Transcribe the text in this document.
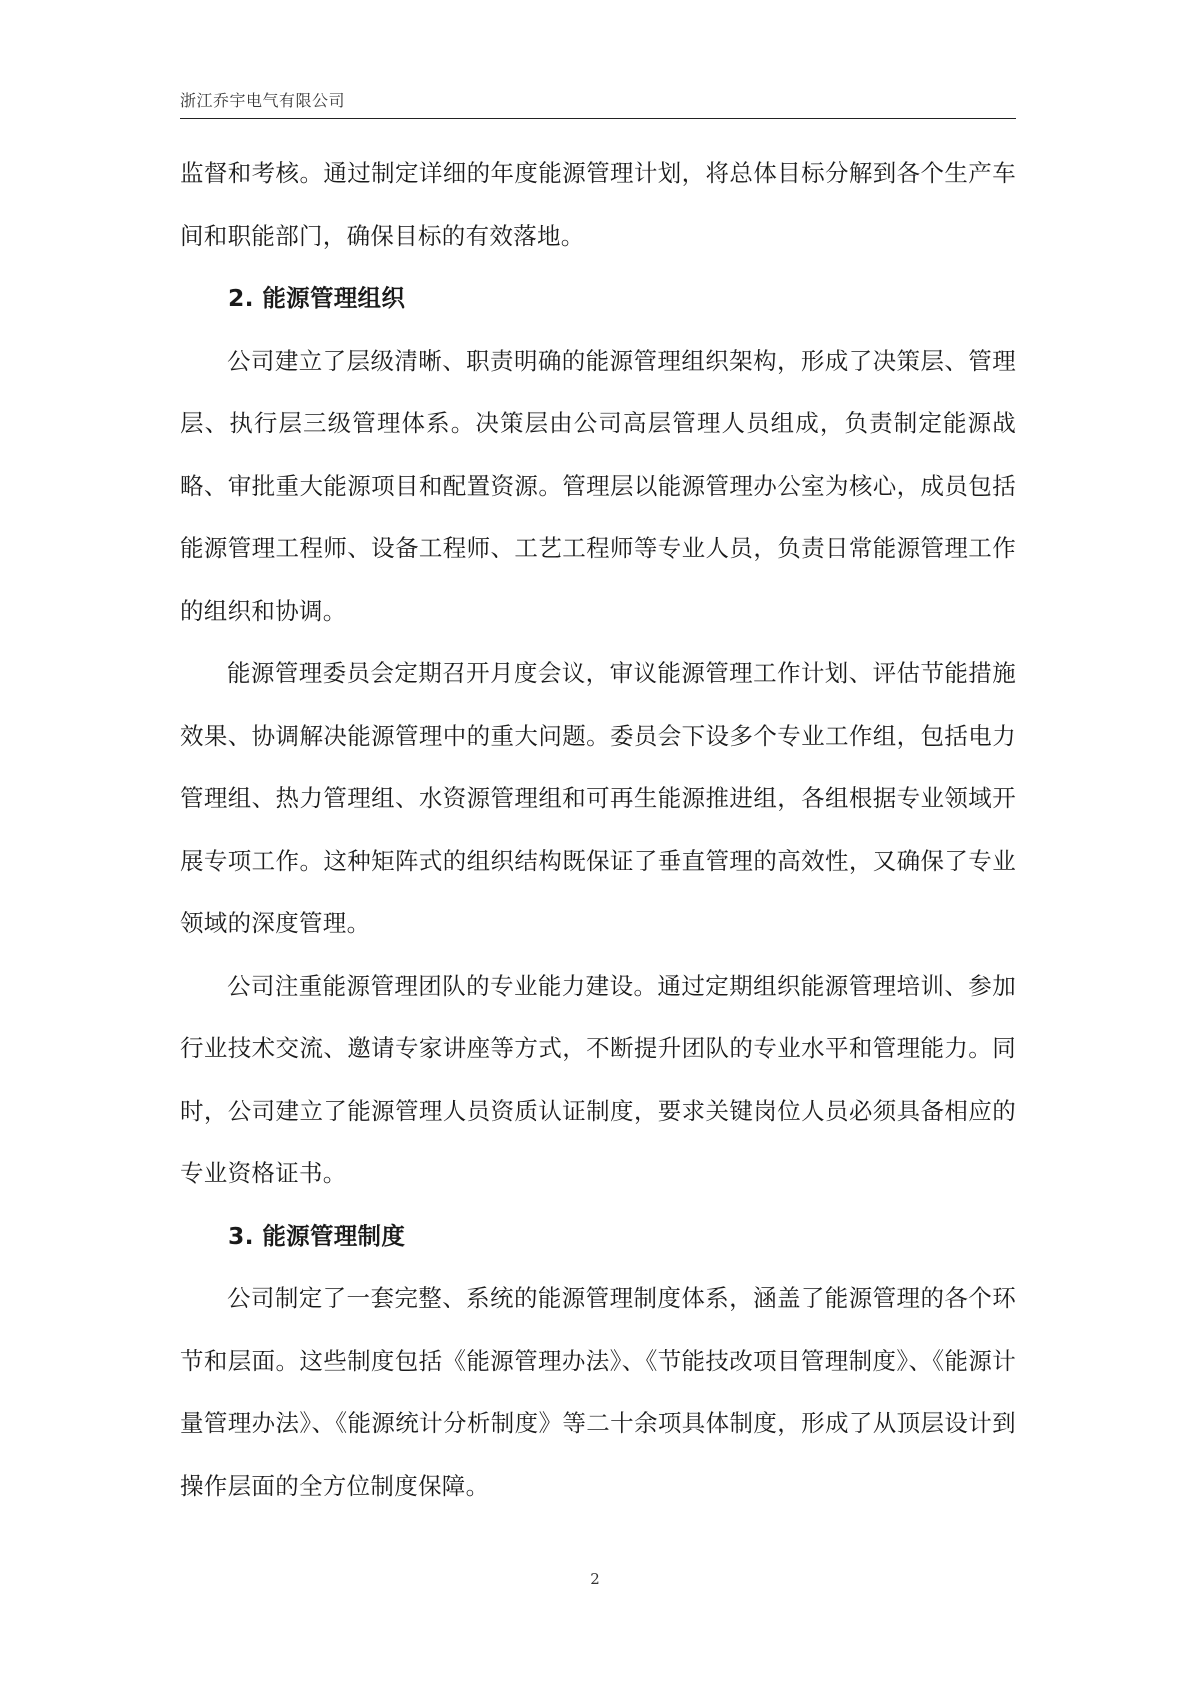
浙江乔宇电气有限公司

监督和考核。通过制定详细的年度能源管理计划，将总体目标分解到各个生产车间和职能部门，确保目标的有效落地。

2. 能源管理组织

公司建立了层级清晰、职责明确的能源管理组织架构，形成了决策层、管理层、执行层三级管理体系。决策层由公司高层管理人员组成，负责制定能源战略、审批重大能源项目和配置资源。管理层以能源管理办公室为核心，成员包括能源管理工程师、设备工程师、工艺工程师等专业人员，负责日常能源管理工作的组织和协调。

能源管理委员会定期召开月度会议，审议能源管理工作计划、评估节能措施效果、协调解决能源管理中的重大问题。委员会下设多个专业工作组，包括电力管理组、热力管理组、水资源管理组和可再生能源推进组，各组根据专业领域开展专项工作。这种矩阵式的组织结构既保证了垂直管理的高效性，又确保了专业领域的深度管理。

公司注重能源管理团队的专业能力建设。通过定期组织能源管理培训、参加行业技术交流、邀请专家讲座等方式，不断提升团队的专业水平和管理能力。同时，公司建立了能源管理人员资质认证制度，要求关键岗位人员必须具备相应的专业资格证书。

3. 能源管理制度

公司制定了一套完整、系统的能源管理制度体系，涵盖了能源管理的各个环节和层面。这些制度包括《能源管理办法》、《节能技改项目管理制度》、《能源计量管理办法》、《能源统计分析制度》等二十余项具体制度，形成了从顶层设计到操作层面的全方位制度保障。

2
